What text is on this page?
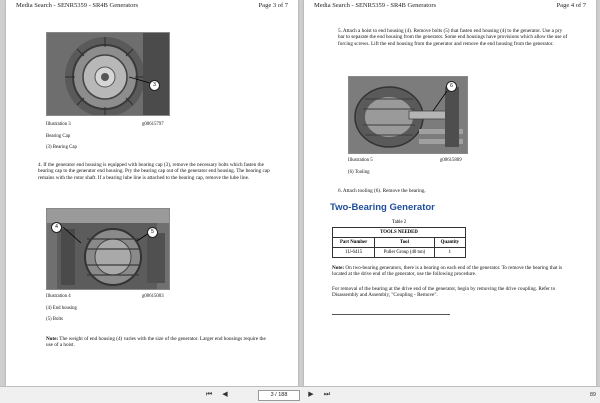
Media Search - SENR5359 - SR4B Generators	Page 3 of 7
3
Illustration 3	g00615797
Bearing Cap
(3) Bearing Cap
4. If the generator end housing is equipped with bearing cap (3), remove the necessary bolts which fasten the bearing cap to the generator end housing. Pry the bearing cap out of the generator end housing. The bearing cap remains with the rotor shaft. If a bearing lube line is attached to the bearing cap, remove the lube line.
4
5
Illustration 4	g00615003
(4) End housing
(5) Bolts
Note: The weight of end housing (4) varies with the size of the generator. Larger end housings require the use of a hoist.
Media Search - SENR5359 - SR4B Generators	Page 4 of 7
5. Attach a hoist to end housing (4). Remove bolts (5) that fasten end housing (4) to the generator. Use a pry bar to separate the end housing from the generator. Some end housings have provisions which allow the use of forcing screws. Lift the end housing from the generator and remove the end housing from the generator.
6
Illustration 5	g00615809
(6) Tooling
6. Attach tooling (6). Remove the bearing.
Two-Bearing Generator
Table 2
TOOLS NEEDED		
Part Number	Tool	Quantity
1U-6415	Puller Group (40 ton)	1
Note: On two-bearing generators, there is a bearing on each end of the generator. To remove the bearing that is located at the drive end of the generator, use the following procedure.
For removal of the bearing at the drive end of the generator, begin by removing the drive coupling. Refer to Disassembly and Assembly, "Coupling - Remove".
⏮	◀	3 / 188	▶	⏭	89
